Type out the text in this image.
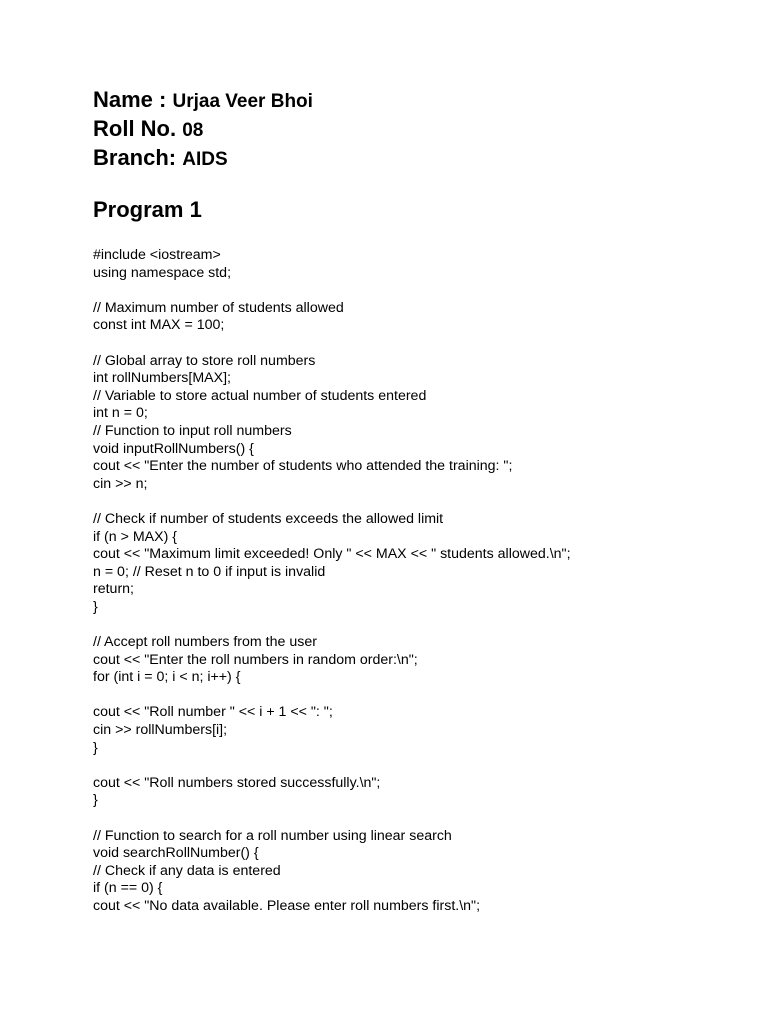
Name : Urjaa Veer Bhoi
Roll No. 08
Branch: AIDS
Program 1
#include <iostream>
using namespace std;
// Maximum number of students allowed
const int MAX = 100;
// Global array to store roll numbers
int rollNumbers[MAX];
// Variable to store actual number of students entered
int n = 0;
// Function to input roll numbers
void inputRollNumbers() {
cout << "Enter the number of students who attended the training: ";
cin >> n;
// Check if number of students exceeds the allowed limit
if (n > MAX) {
cout << "Maximum limit exceeded! Only " << MAX << " students allowed.\n";
n = 0; // Reset n to 0 if input is invalid
return;
}
// Accept roll numbers from the user
cout << "Enter the roll numbers in random order:\n";
for (int i = 0; i < n; i++) {
cout << "Roll number " << i + 1 << ": ";
cin >> rollNumbers[i];
}
cout << "Roll numbers stored successfully.\n";
}
// Function to search for a roll number using linear search
void searchRollNumber() {
// Check if any data is entered
if (n == 0) {
cout << "No data available. Please enter roll numbers first.\n";
